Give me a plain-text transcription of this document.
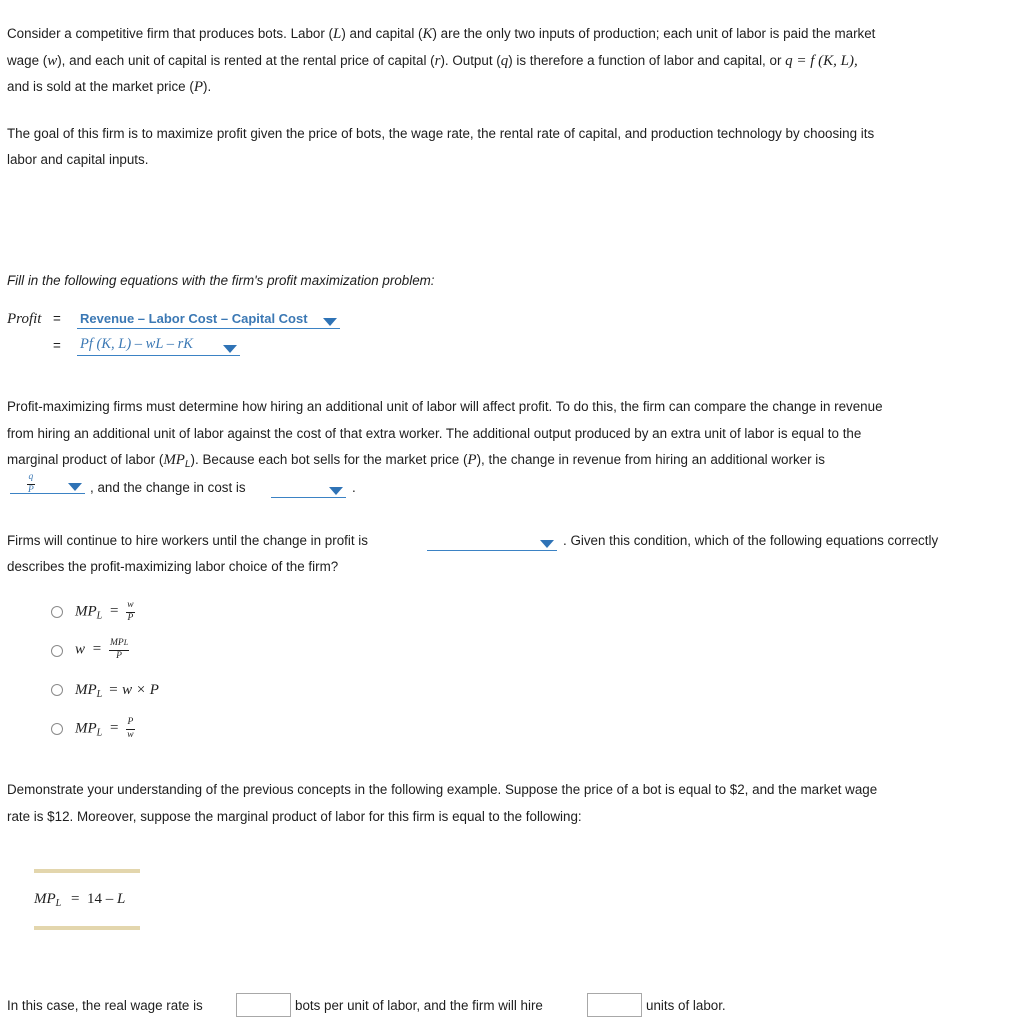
Consider a competitive firm that produces bots. Labor (L) and capital (K) are the only two inputs of production; each unit of labor is paid the market
wage (w), and each unit of capital is rented at the rental price of capital (r). Output (q) is therefore a function of labor and capital, or q = f (K, L),
and is sold at the market price (P).
The goal of this firm is to maximize profit given the price of bots, the wage rate, the rental rate of capital, and production technology by choosing its
labor and capital inputs.
Fill in the following equations with the firm's profit maximization problem:
Profit = Revenue – Labor Cost – Capital Cost
= Pf (K, L) – wL – rK
Profit-maximizing firms must determine how hiring an additional unit of labor will affect profit. To do this, the firm can compare the change in revenue
from hiring an additional unit of labor against the cost of that extra worker. The additional output produced by an extra unit of labor is equal to the
marginal product of labor $(MP_L)$. Because each bot sells for the market price (P), the change in revenue from hiring an additional worker is
$\frac{q}{P}$	, and the change in cost is	.
Firms will continue to hire workers until the change in profit is	. Given this condition, which of the following equations correctly
describes the profit-maximizing labor choice of the firm?
$MP_L = \frac{w}{P}$
$w = \frac{\text{MPL}}{P}$
$MP_L = w \times P$
$MP_L = \frac{P}{w}$
Demonstrate your understanding of the previous concepts in the following example. Suppose the price of a bot is equal to $2, and the market wage
rate is $12. Moreover, suppose the marginal product of labor for this firm is equal to the following:
$MP_L = 14 - L$
In this case, the real wage rate is	bots per unit of labor, and the firm will hire	units of labor.
